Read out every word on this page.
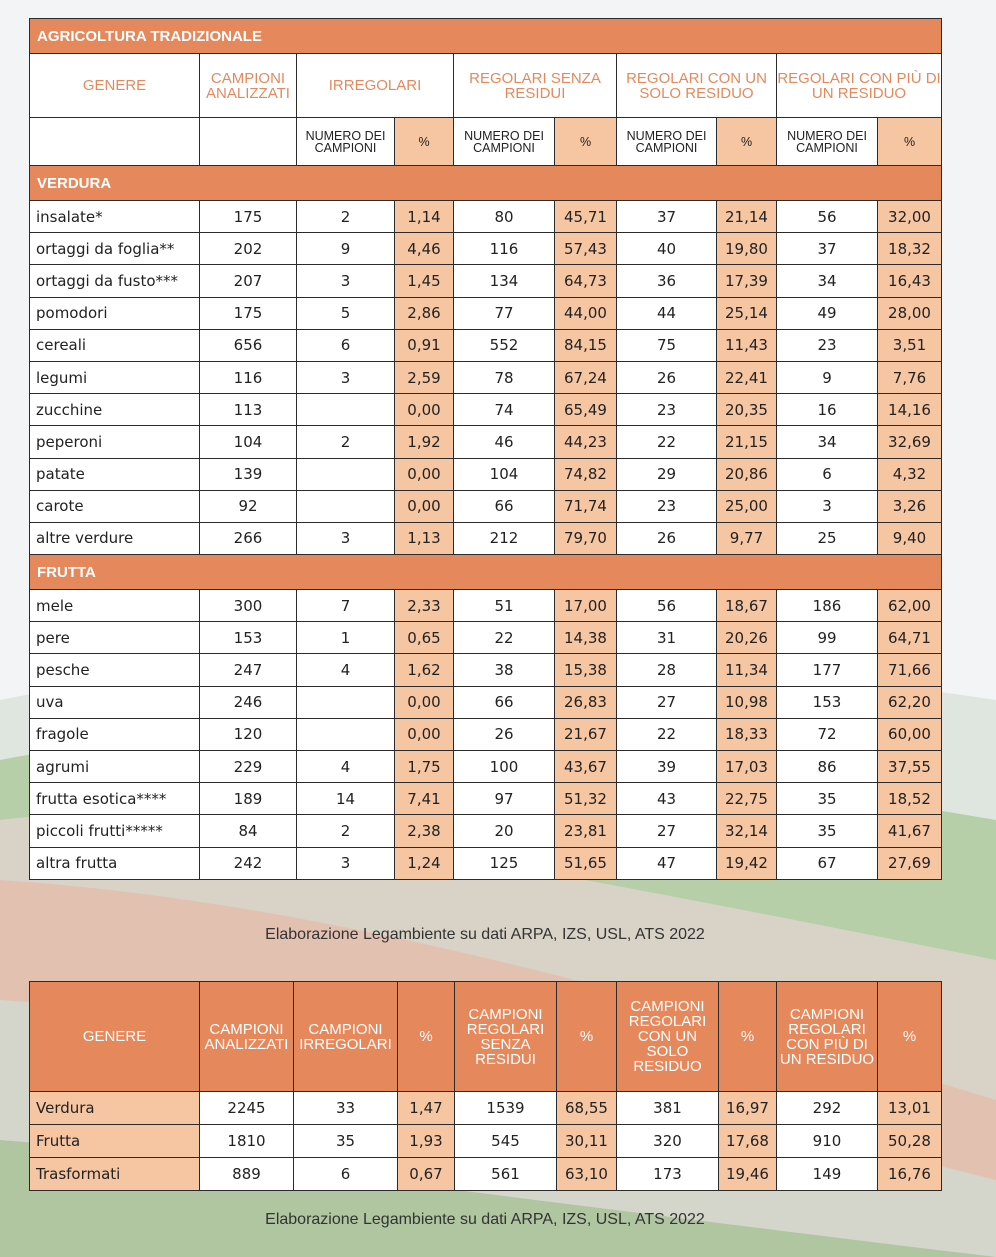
AGRICOLTURA TRADIZIONALE									
GENERE	CAMPIONI ANALIZZATI	IRREGOLARI		REGOLARI SENZA RESIDUI		REGOLARI CON UN SOLO RESIDUO		REGOLARI CON PIÙ DI UN RESIDUO	
		NUMERO DEI CAMPIONI	%	NUMERO DEI CAMPIONI	%	NUMERO DEI CAMPIONI	%	NUMERO DEI CAMPIONI	%
VERDURA									
insalate*	175	2	1,14	80	45,71	37	21,14	56	32,00
ortaggi da foglia**	202	9	4,46	116	57,43	40	19,80	37	18,32
ortaggi da fusto***	207	3	1,45	134	64,73	36	17,39	34	16,43
pomodori	175	5	2,86	77	44,00	44	25,14	49	28,00
cereali	656	6	0,91	552	84,15	75	11,43	23	3,51
legumi	116	3	2,59	78	67,24	26	22,41	9	7,76
zucchine	113		0,00	74	65,49	23	20,35	16	14,16
peperoni	104	2	1,92	46	44,23	22	21,15	34	32,69
patate	139		0,00	104	74,82	29	20,86	6	4,32
carote	92		0,00	66	71,74	23	25,00	3	3,26
altre verdure	266	3	1,13	212	79,70	26	9,77	25	9,40
FRUTTA									
mele	300	7	2,33	51	17,00	56	18,67	186	62,00
pere	153	1	0,65	22	14,38	31	20,26	99	64,71
pesche	247	4	1,62	38	15,38	28	11,34	177	71,66
uva	246		0,00	66	26,83	27	10,98	153	62,20
fragole	120		0,00	26	21,67	22	18,33	72	60,00
agrumi	229	4	1,75	100	43,67	39	17,03	86	37,55
frutta esotica****	189	14	7,41	97	51,32	43	22,75	35	18,52
piccoli frutti*****	84	2	2,38	20	23,81	27	32,14	35	41,67
altra frutta	242	3	1,24	125	51,65	47	19,42	67	27,69
Elaborazione Legambiente su dati ARPA, IZS, USL, ATS 2022
GENERE	CAMPIONI ANALIZZATI	CAMPIONI IRREGOLARI	%	CAMPIONI REGOLARI SENZA RESIDUI	%	CAMPIONI REGOLARI CON UN SOLO RESIDUO	%	CAMPIONI REGOLARI CON PIÙ DI UN RESIDUO	%
Verdura	2245	33	1,47	1539	68,55	381	16,97	292	13,01
Frutta	1810	35	1,93	545	30,11	320	17,68	910	50,28
Trasformati	889	6	0,67	561	63,10	173	19,46	149	16,76
Elaborazione Legambiente su dati ARPA, IZS, USL, ATS 2022
